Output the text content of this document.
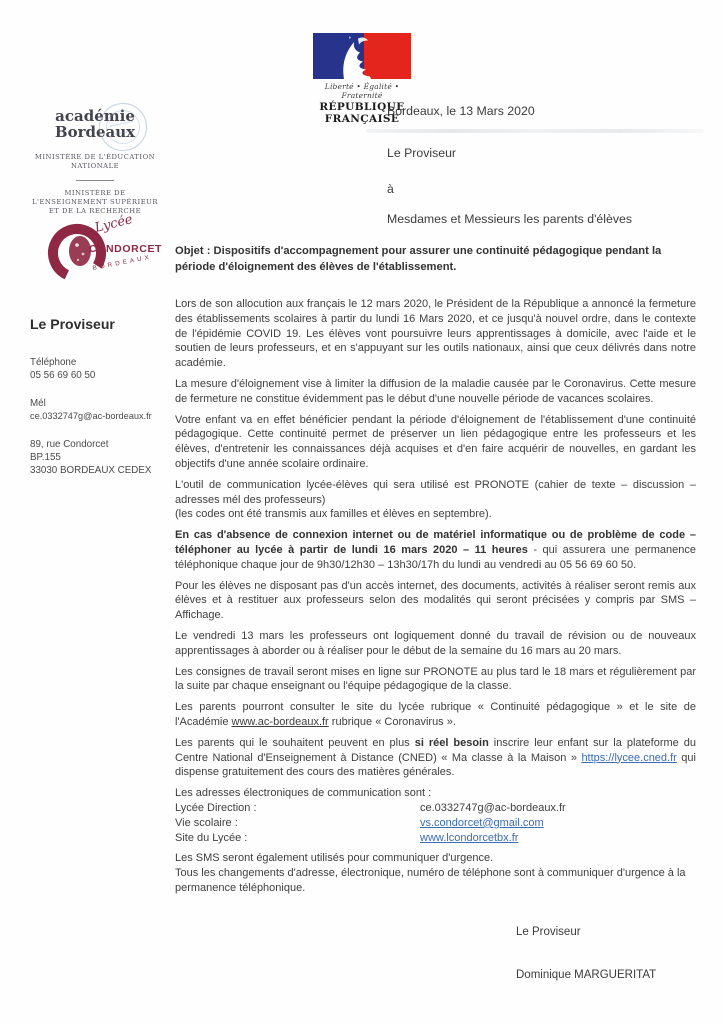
Liberté • Égalité • Fraternité
RÉPUBLIQUE FRANÇAISE
académie
Bordeaux
MINISTÈRE DE L'ÉDUCATION NATIONALE
MINISTÈRE DE L'ENSEIGNEMENT SUPÉRIEUR ET DE LA RECHERCHE
Lycée
CONDORCET
BORDEAUX
Le Proviseur
Téléphone
05 56 69 60 50
Mél
ce.0332747g@ac-bordeaux.fr
89, rue Condorcet
BP.155
33030 BORDEAUX CEDEX
Bordeaux, le 13 Mars 2020
Le Proviseur
à
Mesdames et Messieurs les parents d'élèves
Objet : Dispositifs d'accompagnement pour assurer une continuité pédagogique pendant la période d'éloignement des élèves de l'établissement.

Lors de son allocution aux français le 12 mars 2020, le Président de la République a annoncé la fermeture des établissements scolaires à partir du lundi 16 Mars 2020, et ce jusqu'à nouvel ordre, dans le contexte de l'épidémie COVID 19. Les élèves vont poursuivre leurs apprentissages à domicile, avec l'aide et le soutien de leurs professeurs, et en s'appuyant sur les outils nationaux, ainsi que ceux délivrés dans notre académie.

La mesure d'éloignement vise à limiter la diffusion de la maladie causée par le Coronavirus. Cette mesure de fermeture ne constitue évidemment pas le début d'une nouvelle période de vacances scolaires.

Votre enfant va en effet bénéficier pendant la période d'éloignement de l'établissement d'une continuité pédagogique. Cette continuité permet de préserver un lien pédagogique entre les professeurs et les élèves, d'entretenir les connaissances déjà acquises et d'en faire acquérir de nouvelles, en gardant les objectifs d'une année scolaire ordinaire.

L'outil de communication lycée-élèves qui sera utilisé est PRONOTE (cahier de texte – discussion – adresses mél des professeurs)
(les codes ont été transmis aux familles et élèves en septembre).

En cas d'absence de connexion internet ou de matériel informatique ou de problème de code – téléphoner au lycée à partir de lundi 16 mars 2020 – 11 heures - qui assurera une permanence téléphonique chaque jour de 9h30/12h30 – 13h30/17h du lundi au vendredi au 05 56 69 60 50.

Pour les élèves ne disposant pas d'un accès internet, des documents, activités à réaliser seront remis aux élèves et à restituer aux professeurs selon des modalités qui seront précisées y compris par SMS – Affichage.

Le vendredi 13 mars les professeurs ont logiquement donné du travail de révision ou de nouveaux apprentissages à aborder ou à réaliser pour le début de la semaine du 16 mars au 20 mars.

Les consignes de travail seront mises en ligne sur PRONOTE au plus tard le 18 mars et régulièrement par la suite par chaque enseignant ou l'équipe pédagogique de la classe.

Les parents pourront consulter le site du lycée rubrique « Continuité pédagogique » et le site de l'Académie www.ac-bordeaux.fr rubrique « Coronavirus ».

Les parents qui le souhaitent peuvent en plus si réel besoin inscrire leur enfant sur la plateforme du Centre National d'Enseignement à Distance (CNED) « Ma classe à la Maison » https://lycee.cned.fr qui dispense gratuitement des cours des matières générales.

Les adresses électroniques de communication sont :
Lycée Direction :	ce.0332747g@ac-bordeaux.fr
Vie scolaire :	vs.condorcet@gmail.com
Site du Lycée :	www.lcondorcetbx.fr
Les SMS seront également utilisés pour communiquer d'urgence.
Tous les changements d'adresse, électronique, numéro de téléphone sont à communiquer d'urgence à la permanence téléphonique.
Le Proviseur
Dominique MARGUERITAT
